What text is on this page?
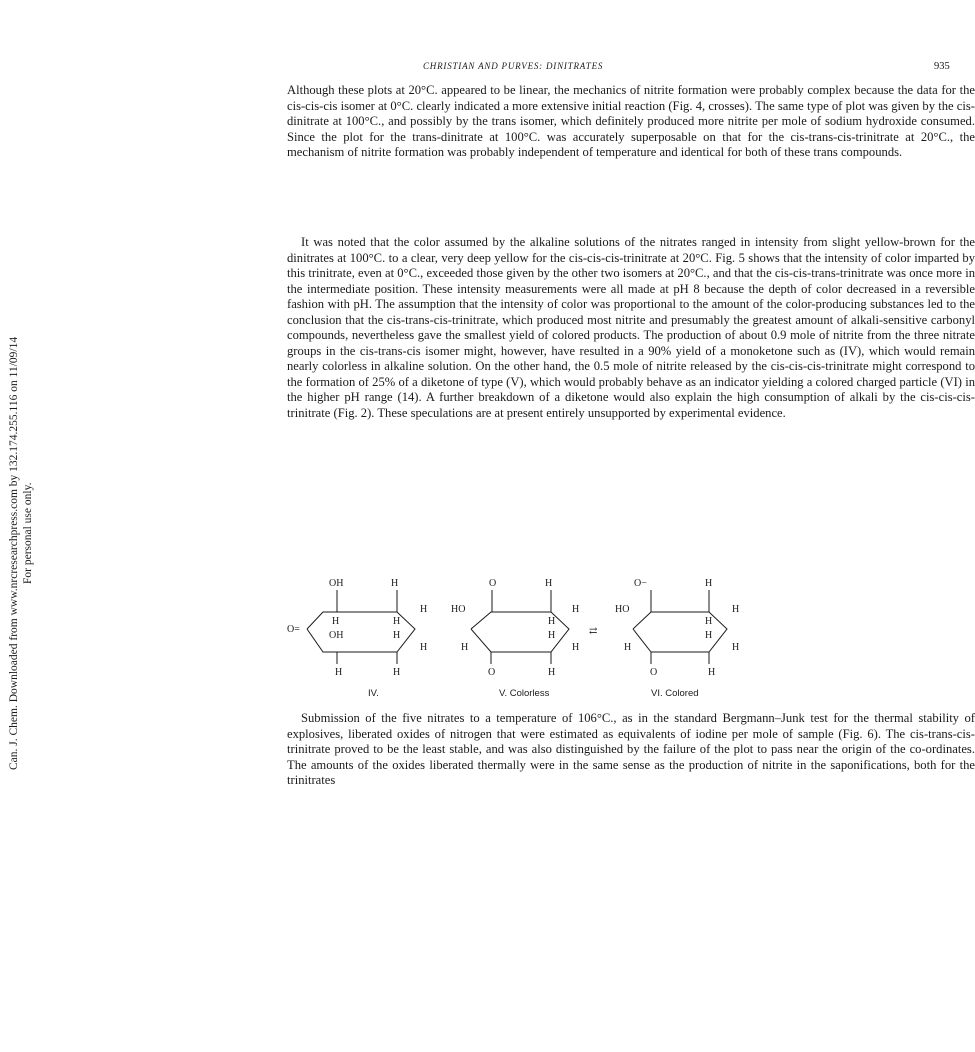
Can. J. Chem. Downloaded from www.nrcresearchpress.com by 132.174.255.116 on 11/09/14 For personal use only.
CHRISTIAN AND PURVES: DINITRATES	935

Although these plots at 20°C. appeared to be linear, the mechanics of nitrite formation were probably complex because the data for the cis-cis-cis isomer at 0°C. clearly indicated a more extensive initial reaction (Fig. 4, crosses). The same type of plot was given by the cis-dinitrate at 100°C., and possibly by the trans isomer, which definitely produced more nitrite per mole of sodium hydroxide consumed. Since the plot for the trans-dinitrate at 100°C. was accurately superposable on that for the cis-trans-cis-trinitrate at 20°C., the mechanism of nitrite formation was probably independent of temperature and identical for both of these trans compounds.

It was noted that the color assumed by the alkaline solutions of the nitrates ranged in intensity from slight yellow-brown for the dinitrates at 100°C. to a clear, very deep yellow for the cis-cis-cis-trinitrate at 20°C. Fig. 5 shows that the intensity of color imparted by this trinitrate, even at 0°C., exceeded those given by the other two isomers at 20°C., and that the cis-cis-trans-trinitrate was once more in the intermediate position. These intensity measurements were all made at pH 8 because the depth of color decreased in a reversible fashion with pH. The assumption that the intensity of color was proportional to the amount of the color-producing substances led to the conclusion that the cis-trans-cis-trinitrate, which produced most nitrite and presumably the greatest amount of alkali-sensitive carbonyl compounds, nevertheless gave the smallest yield of colored products. The production of about 0.9 mole of nitrite from the three nitrate groups in the cis-trans-cis isomer might, however, have resulted in a 90% yield of a monoketone such as (IV), which would remain nearly colorless in alkaline solution. On the other hand, the 0.5 mole of nitrite released by the cis-cis-cis-trinitrate might correspond to the formation of 25% of a diketone of type (V), which would probably behave as an indicator yielding a colored charged particle (VI) in the higher pH range (14). A further breakdown of a diketone would also explain the high consumption of alkali by the cis-cis-cis-trinitrate (Fig. 2). These speculations are at present entirely unsupported by experimental evidence.

OH	H
O=
H
OH
H
H
H
H
H	H
IV.
O	H
HO
H
H
H
H
H
O	H
V. Colorless
⇄
O−	H
HO
H
H
H
H
H
O	H
VI. Colored

Submission of the five nitrates to a temperature of 106°C., as in the standard Bergmann–Junk test for the thermal stability of explosives, liberated oxides of nitrogen that were estimated as equivalents of iodine per mole of sample (Fig. 6). The cis-trans-cis-trinitrate proved to be the least stable, and was also distinguished by the failure of the plot to pass near the origin of the co-ordinates. The amounts of the oxides liberated thermally were in the same sense as the production of nitrite in the saponifications, both for the trinitrates
